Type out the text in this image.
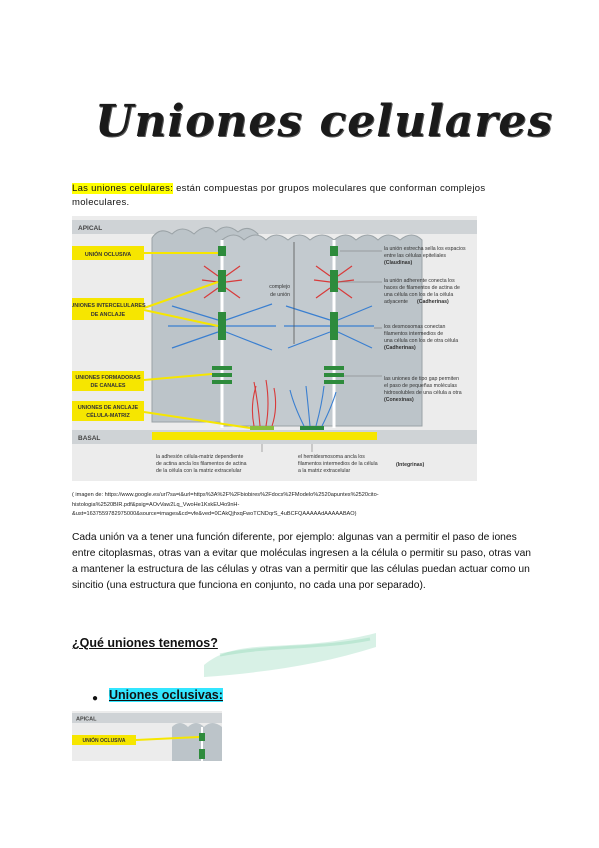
Uniones celulares
Las uniones celulares: están compuestas por grupos moleculares que conforman complejos moleculares.
APICAL
BASAL
UNIÓN OCLUSIVA
UNIONES INTERCELULARES
DE ANCLAJE
UNIONES FORMADORAS
DE CANALES
UNIONES DE ANCLAJE
CÉLULA-MATRIZ
complejo
de unión
la unión estrecha sella los espacios
entre las células epiteliales
(Claudinas)
la unión adherente conecta los
haces de filamentos de actina de
una célula con los de la célula
adyacente (Cadherinas)
los desmosomas conectan
filamentos intermedios de
una célula con los de otra célula
(Cadherinas)
las uniones de tipo gap permiten
el paso de pequeñas moléculas
hidrosolubles de una célula a otra
(Conexinas)
la adhesión célula-matriz dependiente
de actina ancla los filamentos de actina
de la célula con la matriz extracelular
el hemidesmosoma ancla los
filamentos intermedios de la célula
a la matriz extracelular
(Integrinas)
( imagen de: https://www.google.es/url?sa=i&url=https%3A%2F%2Fbiobires%2Fdocs%2FModelo%2520apuntes%2520cito-
histologia%2520BIR.pdf&psig=AOvVaw2Lq_VwoHe1KxkEU4o9nH-
&ust=1637559782975000&source=images&cd=vfe&ved=0CAkQjhxqFwoTCNDqrS_4uBCFQAAAAAdAAAAABAO)
Cada unión va a tener una función diferente, por ejemplo: algunas van a permitir el paso de iones entre citoplasmas, otras van a evitar que moléculas ingresen a la célula o permitir su paso, otras van a mantener la estructura de las células y otras van a permitir que las células puedan actuar como un sincitio (una estructura que funciona en conjunto, no cada una por separado).
¿Qué uniones tenemos?
● Uniones oclusivas:
APICAL
UNIÓN OCLUSIVA
